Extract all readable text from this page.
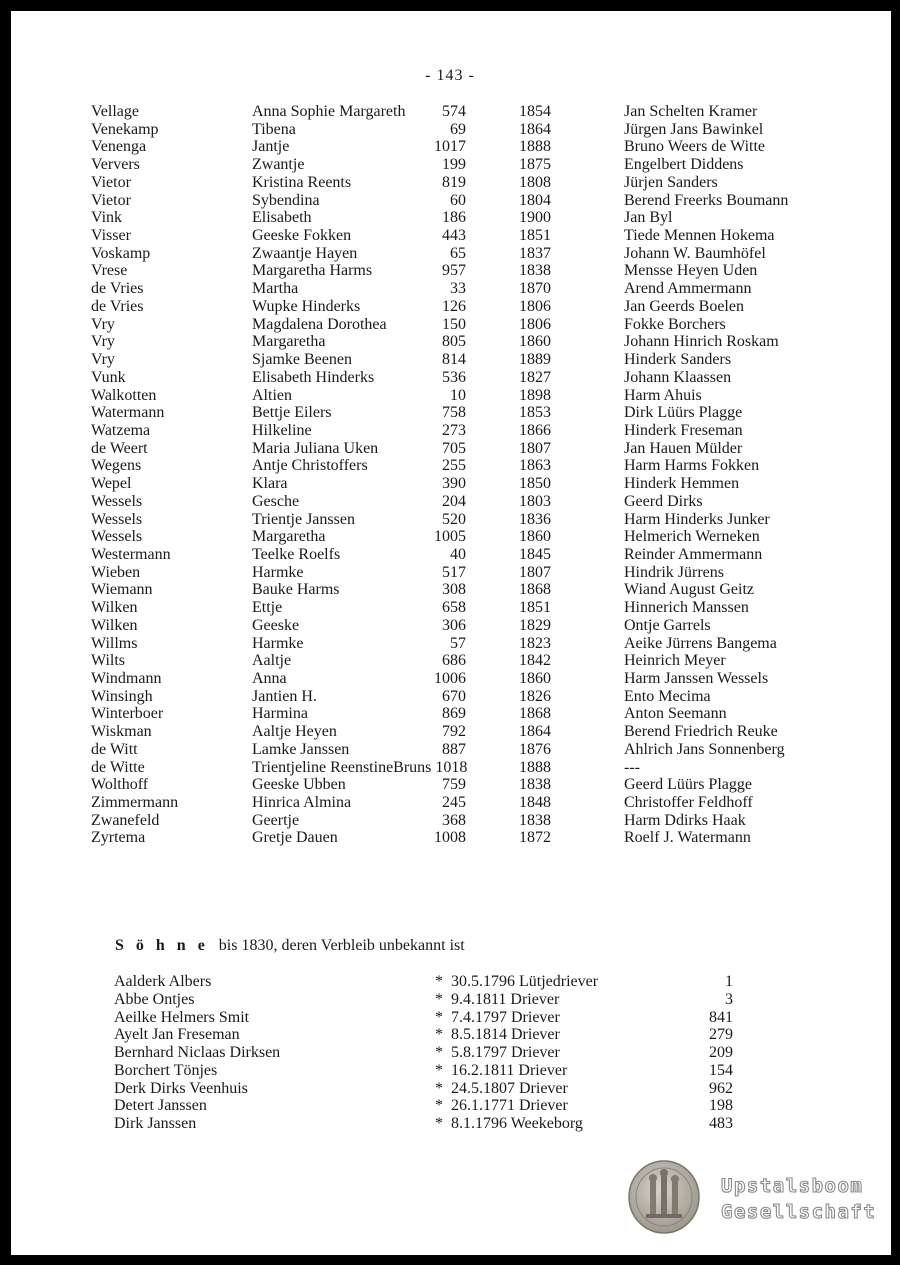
- 143 -
Vellage	Anna Sophie Margareth 574	1854	Jan Schelten Kramer
Venekamp	Tibena	69	1864	Jürgen Jans Bawinkel
Venenga	Jantje	1017	1888	Bruno Weers de Witte
Ververs	Zwantje	199	1875	Engelbert Diddens
Vietor	Kristina Reents	819	1808	Jürjen Sanders
Vietor	Sybendina	60	1804	Berend Freerks Boumann
Vink	Elisabeth	186	1900	Jan Byl
Visser	Geeske Fokken	443	1851	Tiede Mennen Hokema
Voskamp	Zwaantje Hayen	65	1837	Johann W. Baumhöfel
Vrese	Margaretha Harms	957	1838	Mensse Heyen Uden
de Vries	Martha	33	1870	Arend Ammermann
de Vries	Wupke Hinderks	126	1806	Jan Geerds Boelen
Vry	Magdalena Dorothea	150	1806	Fokke Borchers
Vry	Margaretha	805	1860	Johann Hinrich Roskam
Vry	Sjamke Beenen	814	1889	Hinderk Sanders
Vunk	Elisabeth Hinderks	536	1827	Johann Klaassen
Walkotten	Altien	10	1898	Harm Ahuis
Watermann	Bettje Eilers	758	1853	Dirk Lüürs Plagge
Watzema	Hilkeline	273	1866	Hinderk Freseman
de Weert	Maria Juliana Uken	705	1807	Jan Hauen Mülder
Wegens	Antje Christoffers	255	1863	Harm Harms Fokken
Wepel	Klara	390	1850	Hinderk Hemmen
Wessels	Gesche	204	1803	Geerd Dirks
Wessels	Trientje Janssen	520	1836	Harm Hinderks Junker
Wessels	Margaretha	1005	1860	Helmerich Werneken
Westermann	Teelke Roelfs	40	1845	Reinder Ammermann
Wieben	Harmke	517	1807	Hindrik Jürrens
Wiemann	Bauke Harms	308	1868	Wiand August Geitz
Wilken	Ettje	658	1851	Hinnerich Manssen
Wilken	Geeske	306	1829	Ontje Garrels
Willms	Harmke	57	1823	Aeike Jürrens Bangema
Wilts	Aaltje	686	1842	Heinrich Meyer
Windmann	Anna	1006	1860	Harm Janssen Wessels
Winsingh	Jantien H.	670	1826	Ento Mecima
Winterboer	Harmina	869	1868	Anton Seemann
Wiskman	Aaltje Heyen	792	1864	Berend Friedrich Reuke
de Witt	Lamke Janssen	887	1876	Ahlrich Jans Sonnenberg
de Witte	Trientjeline ReenstineBruns 1018	1888	---
Wolthoff	Geeske Ubben	759	1838	Geerd Lüürs Plagge
Zimmermann	Hinrica Almina	245	1848	Christoffer Feldhoff
Zwanefeld	Geertje	368	1838	Harm Ddirks Haak
Zyrtema	Gretje Dauen	1008	1872	Roelf J. Watermann
S ö h n e bis 1830, deren Verbleib unbekannt ist
Aalderk Albers	* 30.5.1796 Lütjedriever	1
Abbe Ontjes	* 9.4.1811 Driever	3
Aeilke Helmers Smit	* 7.4.1797 Driever	841
Ayelt Jan Freseman	* 8.5.1814 Driever	279
Bernhard Niclaas Dirksen	* 5.8.1797 Driever	209
Borchert Tönjes	* 16.2.1811 Driever	154
Derk Dirks Veenhuis	* 24.5.1807 Driever	962
Detert Janssen	* 26.1.1771 Driever	198
Dirk Janssen	* 8.1.1796 Weekeborg	483
Upstalsboom
Gesellschaft
